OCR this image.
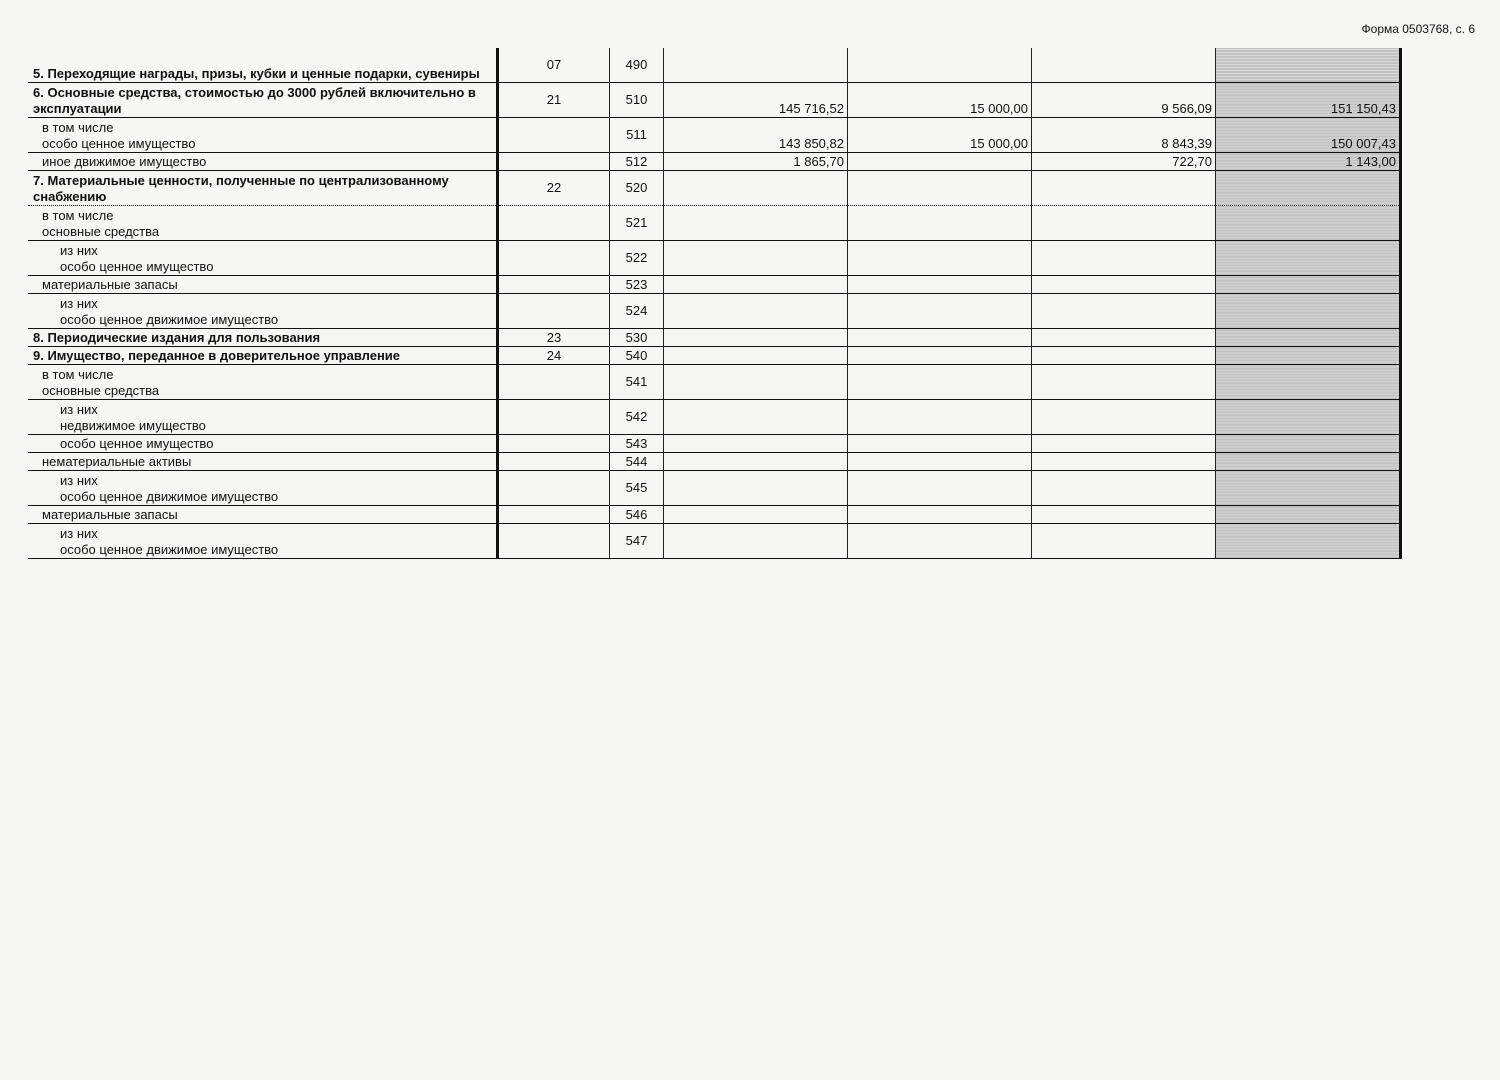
Форма 0503768, с. 6
5. Переходящие награды, призы, кубки и ценные подарки, сувениры	07	490				

6. Основные средства, стоимостью до 3000 рублей включительно в эксплуатации	21	510	145 716,52	15 000,00	9 566,09	151 150,43

в том числе
особо ценное имущество		511	143 850,82	15 000,00	8 843,39	150 007,43

иное движимое имущество		512	1 865,70		722,70	1 143,00

7. Материальные ценности, полученные по централизованному снабжению	22	520				

в том числе
основные средства		521				

из них
особо ценное имущество		522				

материальные запасы		523				

из них
особо ценное движимое имущество		524				

8. Периодические издания для пользования	23	530				

9. Имущество, переданное в доверительное управление	24	540				

в том числе
основные средства		541				

из них
недвижимое имущество		542				

особо ценное имущество		543				

нематериальные активы		544				

из них
особо ценное движимое имущество		545				

материальные запасы		546				

из них
особо ценное движимое имущество		547				
